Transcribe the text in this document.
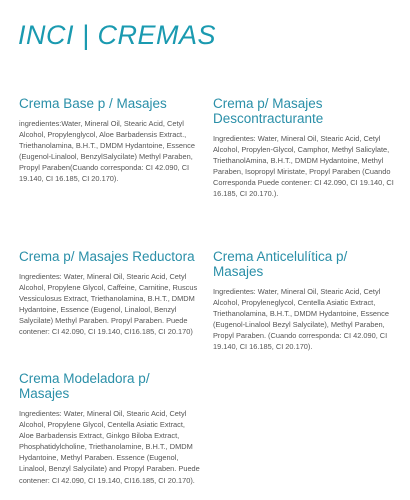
INCI | CREMAS
Crema Base p / Masajes

ingredientes:Water, Mineral Oil, Stearic Acid, Cetyl Alcohol, Propylenglycol, Aloe Barbadensis Extract., Triethanolamina, B.H.T., DMDM Hydantoine, Essence (Eugenol-Linalool, BenzylSalycilate) Methyl Paraben, Propyl Paraben(Cuando corresponda: CI 42.090, CI 19.140, CI 16.185, CI 20.170).

Crema p/ Masajes Descontracturante

Ingredientes: Water, Mineral Oil, Stearic Acid, Cetyl Alcohol, Propylen-Glycol, Camphor, Methyl Salicylate, TriethanolAmina, B.H.T., DMDM Hydantoine, Methyl Paraben, Isopropyl Miristate, Propyl Paraben (Cuando Corresponda Puede contener: CI 42.090, CI 19.140, CI 16.185, CI 20.170.).

Crema p/ Masajes Reductora

Ingredientes: Water, Mineral Oil, Stearic Acid, Cetyl Alcohol, Propylene Glycol, Caffeine, Carnitine, Ruscus Vessiculosus Extract, Triethanolamina, B.H.T., DMDM Hydantoine, Essence (Eugenol, Linalool, Benzyl Salycilate) Methyl Paraben. Propyl Paraben. Puede contener: CI 42.090, CI 19.140, CI16.185, CI 20.170)

Crema Anticelulítica p/ Masajes

Ingredientes: Water, Mineral Oil, Stearic Acid, Cetyl Alcohol, Propyleneglycol, Centella Asiatic Extract, Triethanolamina, B.H.T., DMDM Hydantoine, Essence (Eugenol-Linalool Bezyl Salycilate), Methyl Paraben, Propyl Paraben. (Cuando corresponda: CI 42.090, CI 19.140, CI 16.185, CI 20.170).

Crema Modeladora p/ Masajes

Ingredientes: Water, Mineral Oil, Stearic Acid, Cetyl Alcohol, Propylene Glycol, Centella Asiatic Extract, Aloe Barbadensis Extract, Ginkgo Biloba Extract, Phosphatidylcholine, Triethanolamine, B.H.T., DMDM Hydantoine, Methyl Paraben. Essence (Eugenol, Linalool, Benzyl Salycilate) and Propyl Paraben. Puede contener: CI 42.090, CI 19.140, CI16.185, CI 20.170).
